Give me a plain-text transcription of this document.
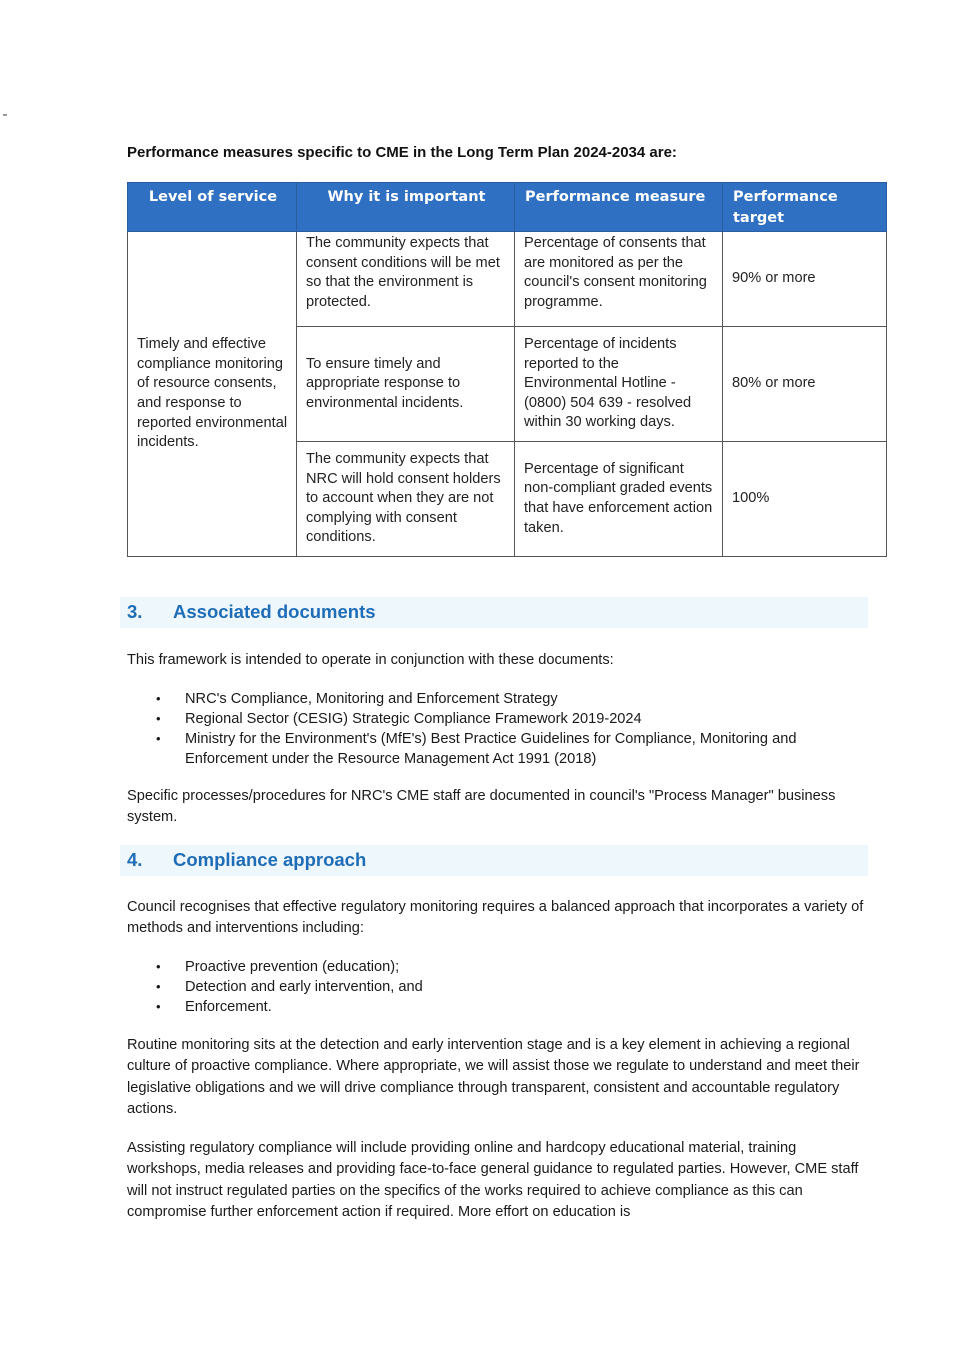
Performance measures specific to CME in the Long Term Plan 2024-2034 are:

Level of service	Why it is important	Performance measure	Performance target
Timely and effective compliance monitoring of resource consents, and response to reported environmental incidents.	The community expects that consent conditions will be met so that the environment is protected.	Percentage of consents that are monitored as per the council's consent monitoring programme.	90% or more
	To ensure timely and appropriate response to environmental incidents.	Percentage of incidents reported to the Environmental Hotline - (0800) 504 639 - resolved within 30 working days.	80% or more
	The community expects that NRC will hold consent holders to account when they are not complying with consent conditions.	Percentage of significant non-compliant graded events that have enforcement action taken.	100%
3. Associated documents

This framework is intended to operate in conjunction with these documents:

• NRC's Compliance, Monitoring and Enforcement Strategy
• Regional Sector (CESIG) Strategic Compliance Framework 2019-2024
• Ministry for the Environment's (MfE's) Best Practice Guidelines for Compliance, Monitoring and Enforcement under the Resource Management Act 1991 (2018)

Specific processes/procedures for NRC's CME staff are documented in council's "Process Manager" business system.

4. Compliance approach

Council recognises that effective regulatory monitoring requires a balanced approach that incorporates a variety of methods and interventions including:

• Proactive prevention (education);
• Detection and early intervention, and
• Enforcement.

Routine monitoring sits at the detection and early intervention stage and is a key element in achieving a regional culture of proactive compliance. Where appropriate, we will assist those we regulate to understand and meet their legislative obligations and we will drive compliance through transparent, consistent and accountable regulatory actions.

Assisting regulatory compliance will include providing online and hardcopy educational material, training workshops, media releases and providing face-to-face general guidance to regulated parties. However, CME staff will not instruct regulated parties on the specifics of the works required to achieve compliance as this can compromise further enforcement action if required. More effort on education is
